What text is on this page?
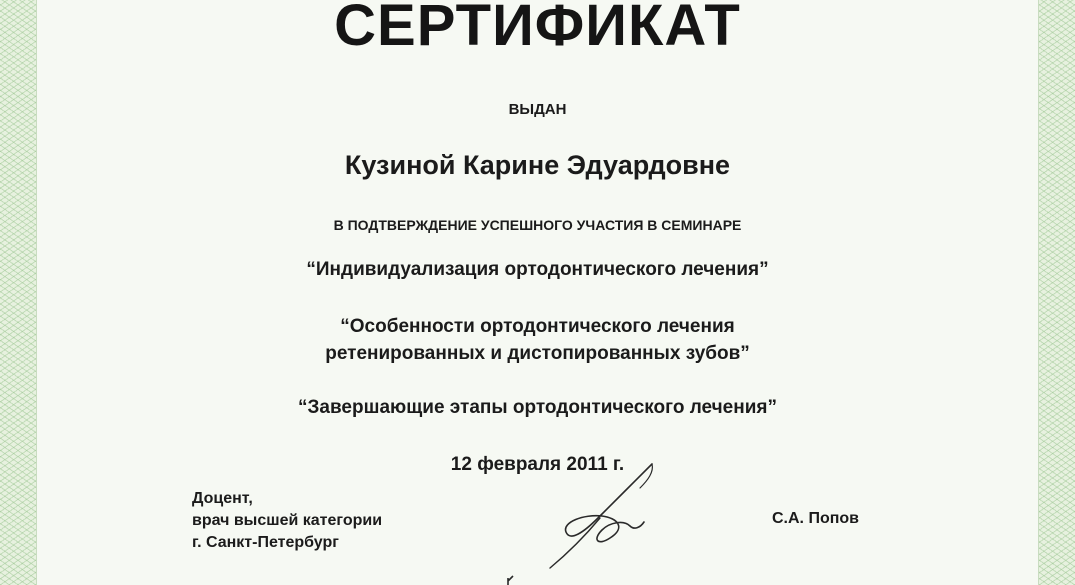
СЕРТИФИКАТ
ВЫДАН
Кузиной Карине Эдуардовне
В ПОДТВЕРЖДЕНИЕ УСПЕШНОГО УЧАСТИЯ В СЕМИНАРЕ
“Индивидуализация ортодонтического лечения”
“Особенности ортодонтического лечения
ретенированных и дистопированных зубов”
“Завершающие этапы ортодонтического лечения”
12 февраля 2011 г.
Доцент,
врач высшей категории
г. Санкт-Петербург
С.А. Попов
